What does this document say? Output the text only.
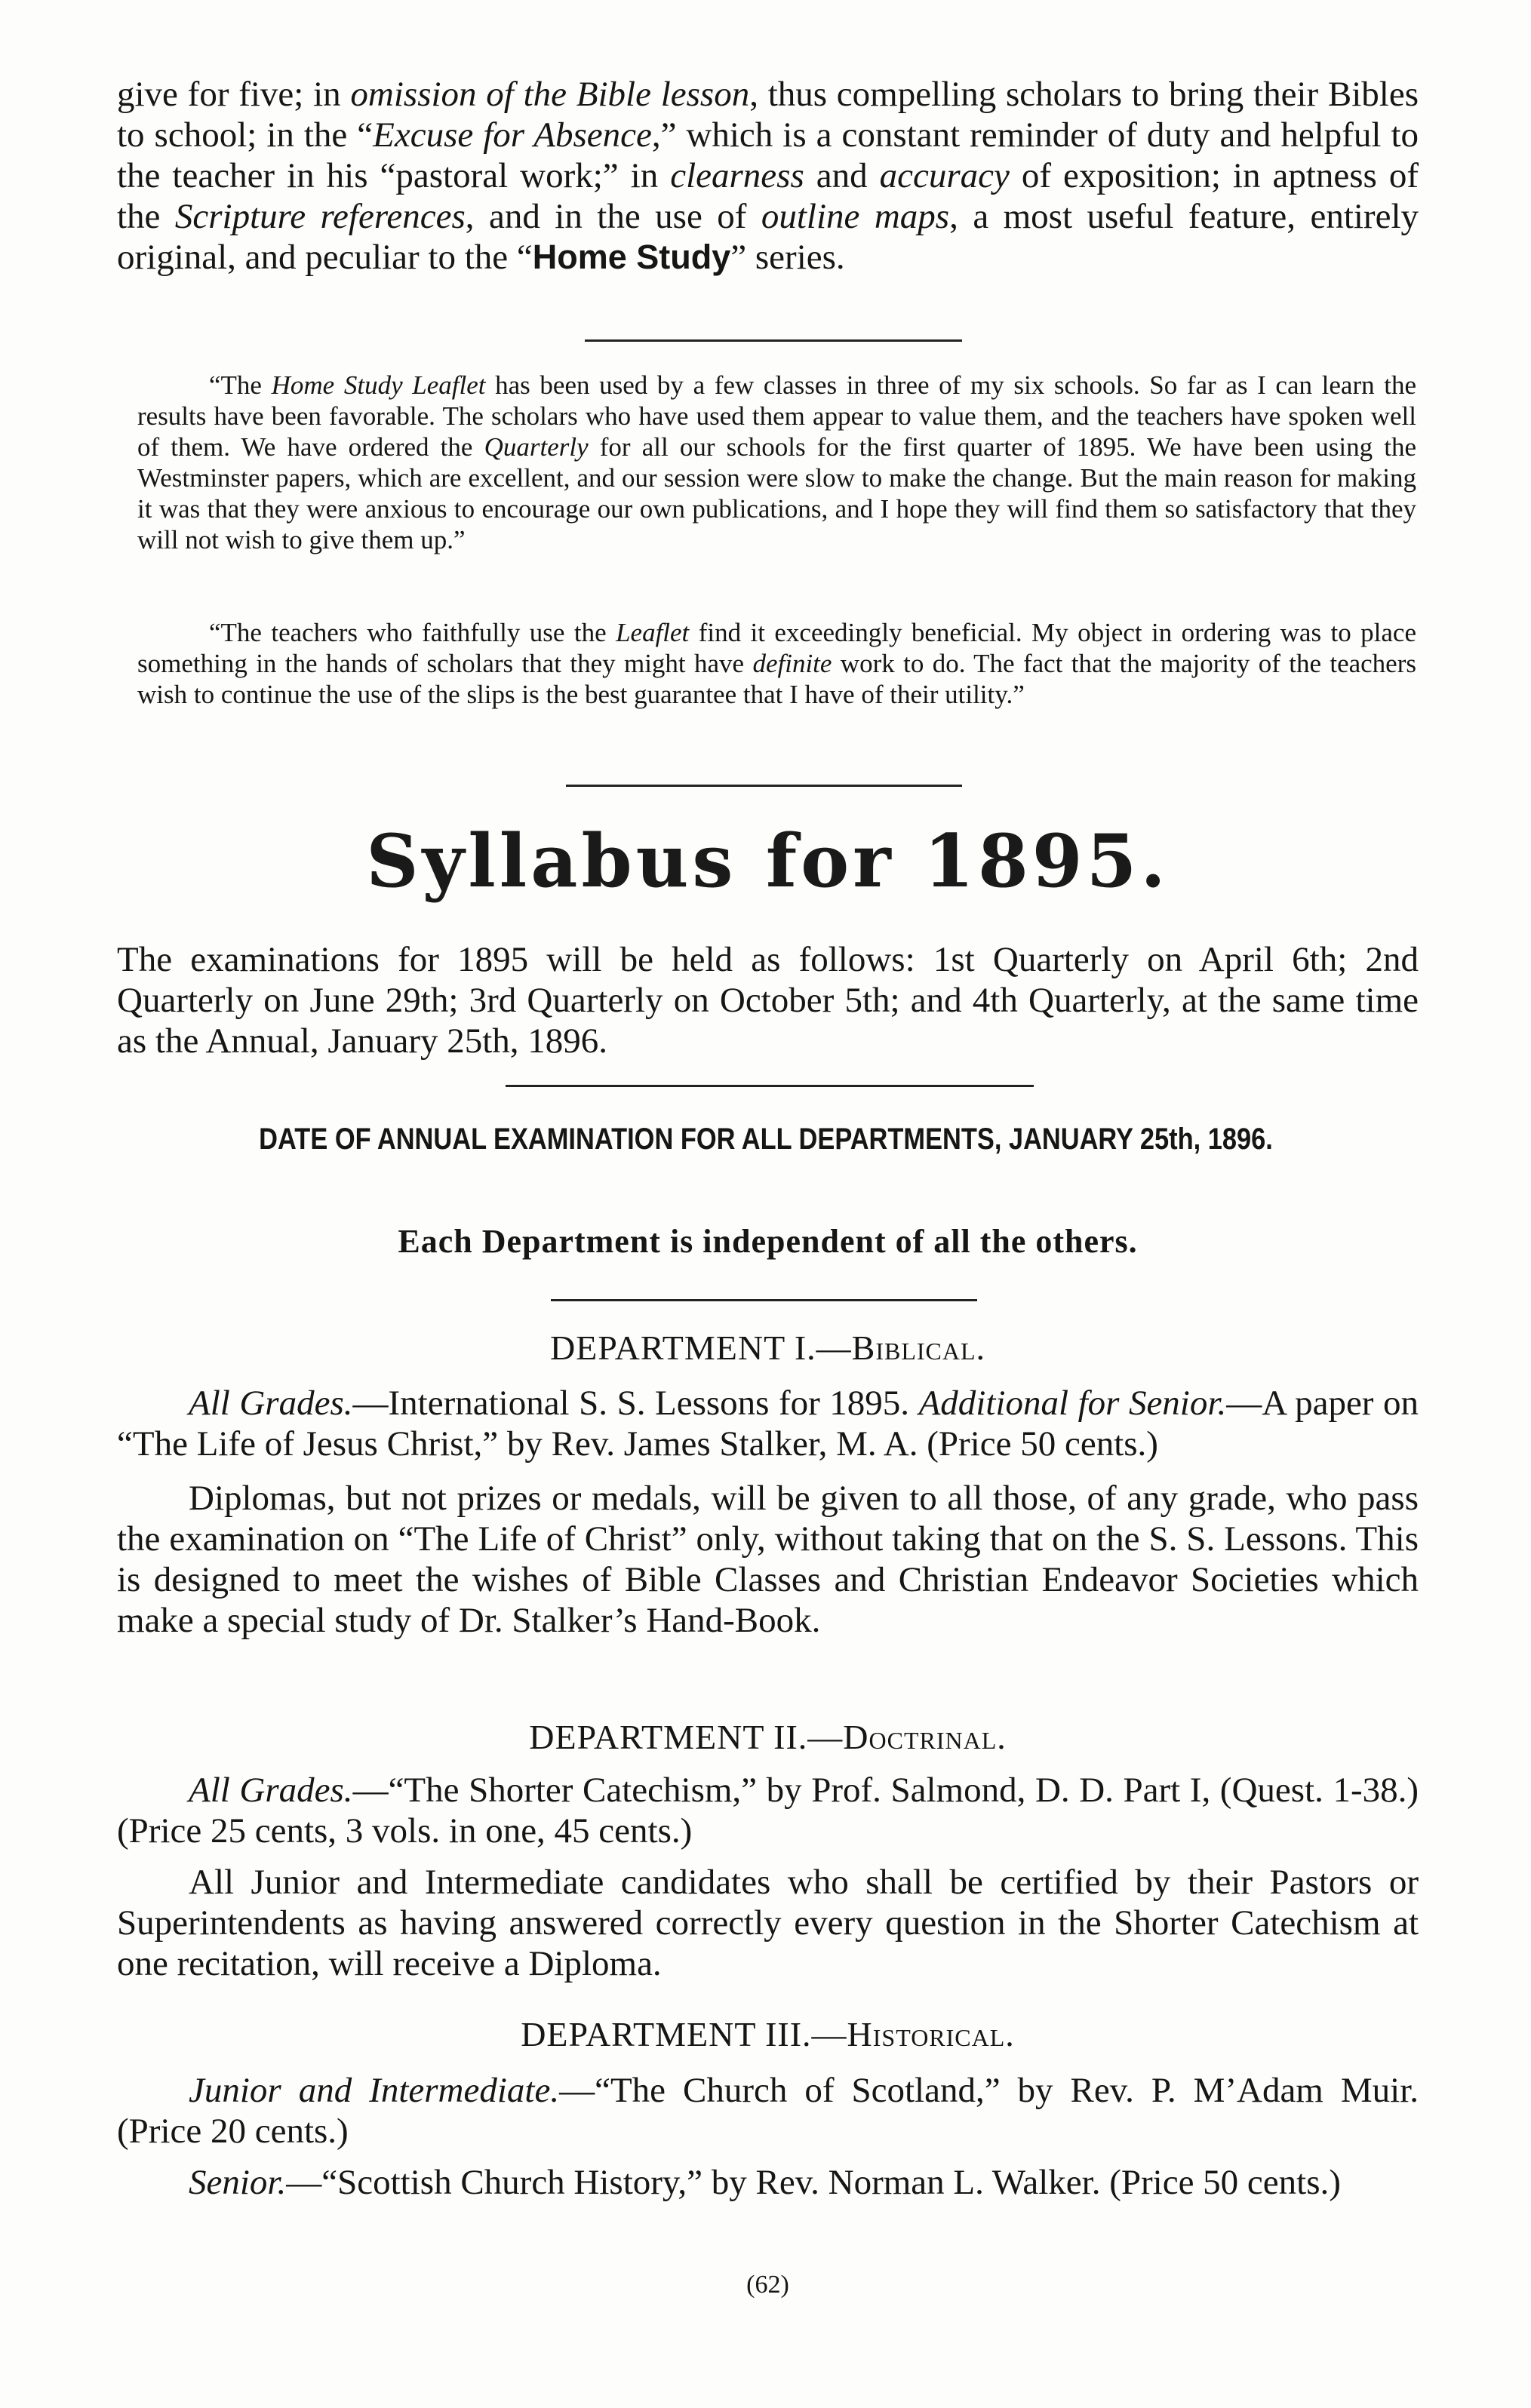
give for five; in omission of the Bible lesson, thus compelling scholars to bring their Bibles to school; in the “Excuse for Absence,” which is a constant reminder of duty and helpful to the teacher in his “pastoral work;” in clearness and accuracy of exposition; in aptness of the Scripture references, and in the use of outline maps, a most useful feature, entirely original, and peculiar to the “Home Study” series.

“The Home Study Leaflet has been used by a few classes in three of my six schools. So far as I can learn the results have been favorable. The scholars who have used them appear to value them, and the teachers have spoken well of them. We have ordered the Quarterly for all our schools for the first quarter of 1895. We have been using the Westminster papers, which are excellent, and our session were slow to make the change. But the main reason for making it was that they were anxious to encourage our own publications, and I hope they will find them so satisfactory that they will not wish to give them up.”

“The teachers who faithfully use the Leaflet find it exceedingly beneficial. My object in ordering was to place something in the hands of scholars that they might have definite work to do. The fact that the majority of the teachers wish to continue the use of the slips is the best guarantee that I have of their utility.”

Syllabus for 1895.

The examinations for 1895 will be held as follows: 1st Quarterly on April 6th; 2nd Quarterly on June 29th; 3rd Quarterly on October 5th; and 4th Quarterly, at the same time as the Annual, January 25th, 1896.

DATE OF ANNUAL EXAMINATION FOR ALL DEPARTMENTS, JANUARY 25th, 1896.
Each Department is independent of all the others.
DEPARTMENT I.—Biblical.

All Grades.—International S. S. Lessons for 1895. Additional for Senior.—A paper on “The Life of Jesus Christ,” by Rev. James Stalker, M. A. (Price 50 cents.)

Diplomas, but not prizes or medals, will be given to all those, of any grade, who pass the examination on “The Life of Christ” only, without taking that on the S. S. Lessons. This is designed to meet the wishes of Bible Classes and Christian Endeavor Societies which make a special study of Dr. Stalker’s Hand-Book.

DEPARTMENT II.—Doctrinal.

All Grades.—“The Shorter Catechism,” by Prof. Salmond, D. D. Part I, (Quest. 1-38.) (Price 25 cents, 3 vols. in one, 45 cents.)

All Junior and Intermediate candidates who shall be certified by their Pastors or Superintendents as having answered correctly every question in the Shorter Catechism at one recitation, will receive a Diploma.

DEPARTMENT III.—Historical.

Junior and Intermediate.—“The Church of Scotland,” by Rev. P. M’Adam Muir. (Price 20 cents.)

Senior.—“Scottish Church History,” by Rev. Norman L. Walker. (Price 50 cents.)

(62)
